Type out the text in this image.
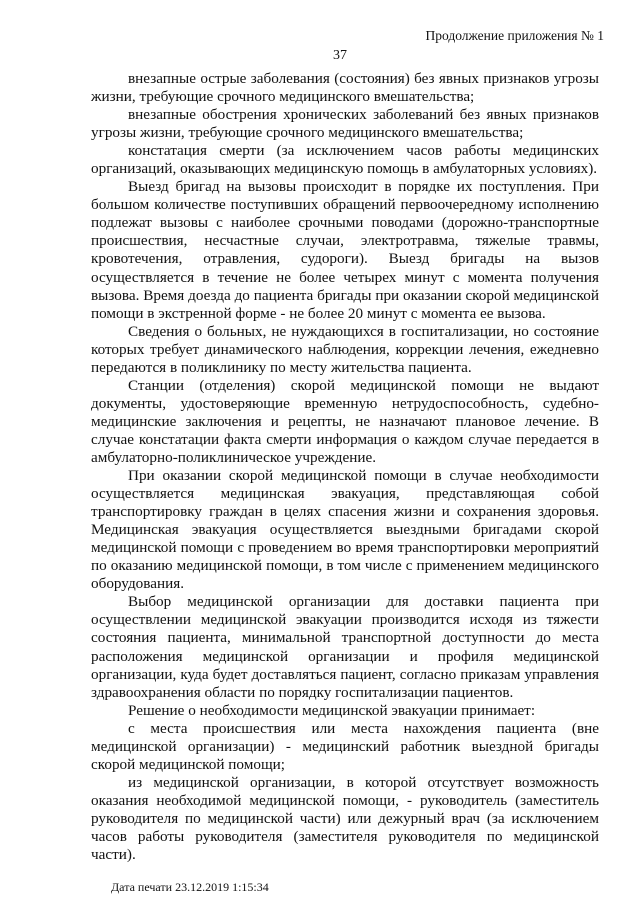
37
Продолжение приложения № 1

внезапные острые заболевания (состояния) без явных признаков угрозы жизни, требующие срочного медицинского вмешательства;

внезапные обострения хронических заболеваний без явных признаков угрозы жизни, требующие срочного медицинского вмешательства;

констатация смерти (за исключением часов работы медицинских организаций, оказывающих медицинскую помощь в амбулаторных условиях).

Выезд бригад на вызовы происходит в порядке их поступления. При большом количестве поступивших обращений первоочередному исполнению подлежат вызовы с наиболее срочными поводами (дорожно-транспортные происшествия, несчастные случаи, электротравма, тяжелые травмы, кровотечения, отравления, судороги). Выезд бригады на вызов осуществляется в течение не более четырех минут с момента получения вызова. Время доезда до пациента бригады при оказании скорой медицинской помощи в экстренной форме - не более 20 минут с момента ее вызова.

Сведения о больных, не нуждающихся в госпитализации, но состояние которых требует динамического наблюдения, коррекции лечения, ежедневно передаются в поликлинику по месту жительства пациента.

Станции (отделения) скорой медицинской помощи не выдают документы, удостоверяющие временную нетрудоспособность, судебно-медицинские заключения и рецепты, не назначают плановое лечение. В случае констатации факта смерти информация о каждом случае передается в амбулаторно-поликлиническое учреждение.

При оказании скорой медицинской помощи в случае необходимости осуществляется медицинская эвакуация, представляющая собой транспортировку граждан в целях спасения жизни и сохранения здоровья. Медицинская эвакуация осуществляется выездными бригадами скорой медицинской помощи с проведением во время транспортировки мероприятий по оказанию медицинской помощи, в том числе с применением медицинского оборудования.

Выбор медицинской организации для доставки пациента при осуществлении медицинской эвакуации производится исходя из тяжести состояния пациента, минимальной транспортной доступности до места расположения медицинской организации и профиля медицинской организации, куда будет доставляться пациент, согласно приказам управления здравоохранения области по порядку госпитализации пациентов.

Решение о необходимости медицинской эвакуации принимает:

с места происшествия или места нахождения пациента (вне медицинской организации) - медицинский работник выездной бригады скорой медицинской помощи;

из медицинской организации, в которой отсутствует возможность оказания необходимой медицинской помощи, - руководитель (заместитель руководителя по медицинской части) или дежурный врач (за исключением часов работы руководителя (заместителя руководителя по медицинской части).

Дата печати 23.12.2019 1:15:34
